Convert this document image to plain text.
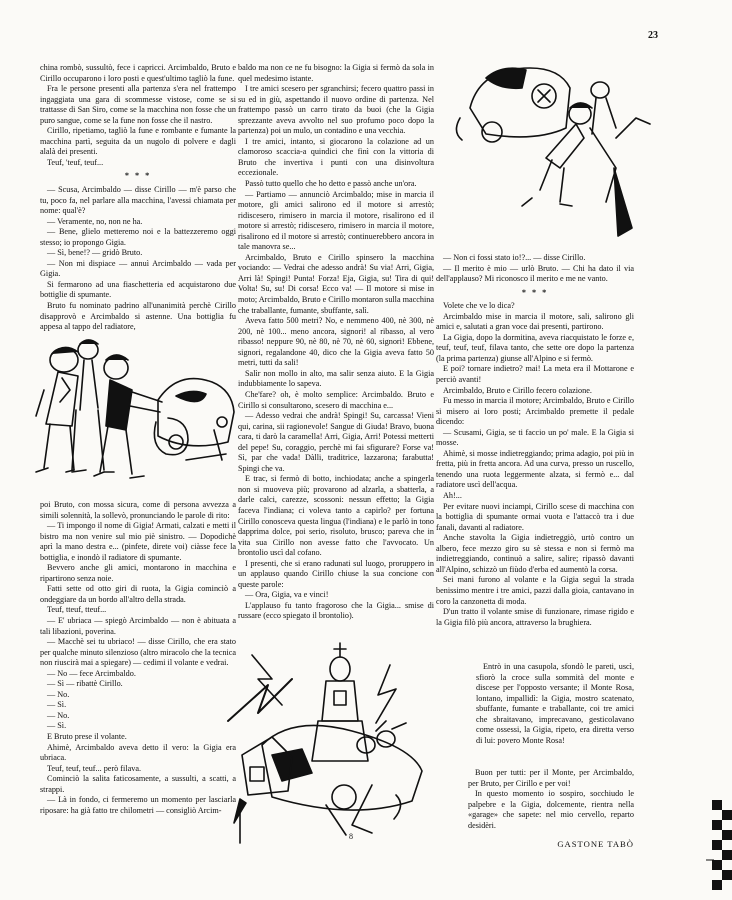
23

china rombò, sussultò, fece i capricci. Arcimbaldo, Bruto e Cirillo occuparono i loro posti e quest'ultimo tagliò la fune.

Fra le persone presenti alla partenza s'era nel frattempo ingaggiata una gara di scommesse vistose, come se si trattasse di San Siro, come se la macchina non fosse che un puro sangue, come se la fune non fosse che il nastro.

Cirillo, ripetiamo, tagliò la fune e rombante e fumante la macchina partì, seguita da un nugolo di polvere e dagli alalà dei presenti.

Teuf, 'teuf, teuf...

* * *

— Scusa, Arcimbaldo — disse Cirillo — m'è parso che tu, poco fa, nel parlare alla macchina, l'avessi chiamata per nome: qual'è?

— Veramente, no, non ne ha.

— Bene, glielo metteremo noi e la battezzeremo oggi stesso; io propongo Gigia.

— Sì, bene!? — gridò Bruto.

— Non mi dispiace — annuì Arcimbaldo — vada per Gigia.

Si fermarono ad una fiaschetteria ed acquistarono due bottiglie di spumante.

Bruto fu nominato padrino all'unanimità perchè Cirillo disapprovò e Arcimbaldo si astenne. Una bottiglia fu appesa al tappo del radiatore,

poi Bruto, con mossa sicura, come di persona avvezza a simili solennità, la sollevò, pronunciando le parole di rito:

— Ti impongo il nome di Gigia! Armati, calzati e metti il bistro ma non venire sul mio piè sinistro. — Dopodichè aprì la mano destra e... (pinfete, direte voi) ciàsse fece la bottiglia, e inondò il radiatore di spumante.

Bevvero anche gli amici, montarono in macchina e ripartirono senza noie.

Fatti sette od otto giri di ruota, la Gigia cominciò a ondeggiare da un bordo all'altro della strada.

Teuf, tteuf, tteuf...

— E' ubriaca — spiegò Arcimbaldo — non è abituata a tali libazioni, poverina.

— Macchè sei tu ubriaco! — disse Cirillo, che era stato per qualche minuto silenzioso (altro miracolo che la tecnica non riuscirà mai a spiegare) — cedimi il volante e vedrai.

— No — fece Arcimbaldo.

— Sì — ribattè Cirillo.

— No.

— Sì.

— No.

— Sì.

E Bruto prese il volante.

Ahimè, Arcimbaldo aveva detto il vero: la Gigia era ubriaca.

Teuf, teuf, teuf... però filava.

Cominciò la salita faticosamente, a sussulti, a scatti, a strappi.

— Là in fondo, ci fermeremo un momento per lasciarla riposare: ha già fatto tre chilometri — consigliò Arcim-

baldo ma non ce ne fu bisogno: la Gigia si fermò da sola in quel medesimo istante.

I tre amici scesero per sgranchirsi; fecero quattro passi in su ed in giù, aspettando il nuovo ordine di partenza. Nel frattempo passò un carro tirato da buoi (che la Gigia sprezzante aveva avvolto nel suo profumo poco dopo la partenza) poi un mulo, un contadino e una vecchia.

I tre amici, intanto, si giocarono la colazione ad un clamoroso scaccia-a quindici che finì con la vittoria di Bruto che invertiva i punti con una disinvoltura eccezionale.

Passò tutto quello che ho detto e passò anche un'ora.

— Partiamo — annunciò Arcimbaldo; mise in marcia il motore, gli amici salirono ed il motore si arrestò; ridiscesero, rimisero in marcia il motore, risalirono ed il motore si arrestò; ridiscesero, rimisero in marcia il motore, risalirono ed il motore si arrestò; continuerebbero ancora in tale manovra se...

Arcimbaldo, Bruto e Cirillo spinsero la macchina vociando: — Vedrai che adesso andrà! Su via! Arri, Gigia, Arri là! Spingi! Punta! Forza! Eja, Gigia, su! Tira di qui! Volta! Su, su! Di corsa! Ecco va! — Il motore si mise in moto; Arcimbaldo, Bruto e Cirillo montaron sulla macchina che traballante, fumante, sbuffante, salì.

Aveva fatto 500 metri? No, e nemmeno 400, nè 300, nè 200, nè 100... meno ancora, signori! al ribasso, al vero ribasso! neppure 90, nè 80, nè 70, nè 60, signori! Ebbene, signori, regalandone 40, dico che la Gigia aveva fatto 50 metri, tutti da sali!

Salìr non mollo in alto, ma salir senza aiuto. E la Gigia indubbiamente lo sapeva.

Che'fare? oh, è molto semplice: Arcimbaldo. Bruto e Cirillo si consultarono, scesero di macchina e...

— Adesso vedrai che andrà! Spingi! Su, carcassa! Vieni qui, carina, sii ragionevole! Sangue di Giuda! Bravo, buona cara, ti darò la caramella! Arri, Gigia, Arri! Potessi metterti del pepe! Su, coraggio, perchè mi fai sfigurare? Forse va! Sì, par che vada! Dàlli, traditrice, lazzarona; farabutta! Spingi che va.

E trac, si fermò di botto, inchiodata; anche a spingerla non si muoveva più; provarono ad alzarla, a sbatterla, a darle calci, carezze, scossoni: nessun effetto; la Gigia faceva l'indiana; ci voleva tanto a capirlo? per fortuna Cirillo conosceva questa lingua (l'indiana) e le parlò in tono dapprima dolce, poi serio, risoluto, brusco; pareva che in vita sua Cirillo non avesse fatto che l'avvocato. Un brontolio uscì dal cofano.

I presenti, che si erano radunati sul luogo, proruppero in un applauso quando Cirillo chiuse la sua concione con queste parole:

— Ora, Gigia, va e vinci!

L'applauso fu tanto fragoroso che la Gigia... smise di russare (ecco spiegato il brontolio).

— Non ci fossi stato io!?... — disse Cirillo.

— Il merito è mio — urlò Bruto. — Chi ha dato il via dell'applauso? Mi riconosco il merito e me ne vanto.

* * *

Volete che ve lo dica?

Arcimbaldo mise in marcia il motore, sali, salirono gli amici e, salutati a gran voce dai presenti, partirono.

La Gigia, dopo la dormitina, aveva riacquistato le forze e, teuf, teuf, teuf, filava tanto, che sette ore dopo la partenza (la prima partenza) giunse all'Alpino e si fermò.

E poi? tornare indietro? mai! La meta era il Mottarone e perciò avanti!

Arcimbaldo, Bruto e Cirillo fecero colazione.

Fu messo in marcia il motore; Arcimbaldo, Bruto e Cirillo si misero ai loro posti; Arcimbaldo premette il pedale dicendo:

— Scusami, Gigia, se ti faccio un po' male. E la Gigia si mosse.

Ahimè, si mosse indietreggiando; prima adagio, poi più in fretta, più in fretta ancora. Ad una curva, presso un ruscello, tenendo una ruota leggermente alzata, si fermò e... dal radiatore uscì dell'acqua.

Ah!...

Per evitare nuovi inciampi, Cirillo scese di macchina con la bottiglia di spumante ormai vuota e l'attaccò tra i due fanali, davanti al radiatore.

Anche stavolta la Gigia indietreggiò, urtò contro un albero, fece mezzo giro su sè stessa e non si fermò ma indietreggiando, continuò a salire, salire; ripassò davanti all'Alpino, schizzò un fiùdo d'erba ed aumentò la corsa.

Sei mani furono al volante e la Gigia seguì la strada benissimo mentre i tre amici, pazzi dalla gioia, cantavano in coro la canzonetta di moda.

D'un tratto il volante smise di funzionare, rimase rigido e la Gigia filò più ancora, attraverso la brughiera.

Entrò in una casupola, sfondò le pareti, uscì, sfiorò la croce sulla sommità del monte e discese per l'opposto versante; il Monte Rosa, lontano, impallidì: la Gigia, mostro scatenato, sbuffante, fumante e traballante, coi tre amici che sbraitavano, imprecavano, gesticolavano come ossessi, la Gigia, ripeto, era diretta verso di lui: povero Monte Rosa!

Buon per tutti: per il Monte, per Arcimbaldo, per Bruto, per Cirillo e per voi!

In questo momento io sospiro, socchiudo le palpebre e la Gigia, dolcemente, rientra nella «garage» che sapete: nel mio cervello, reparto desidèri.

GASTONE TABÒ

8
